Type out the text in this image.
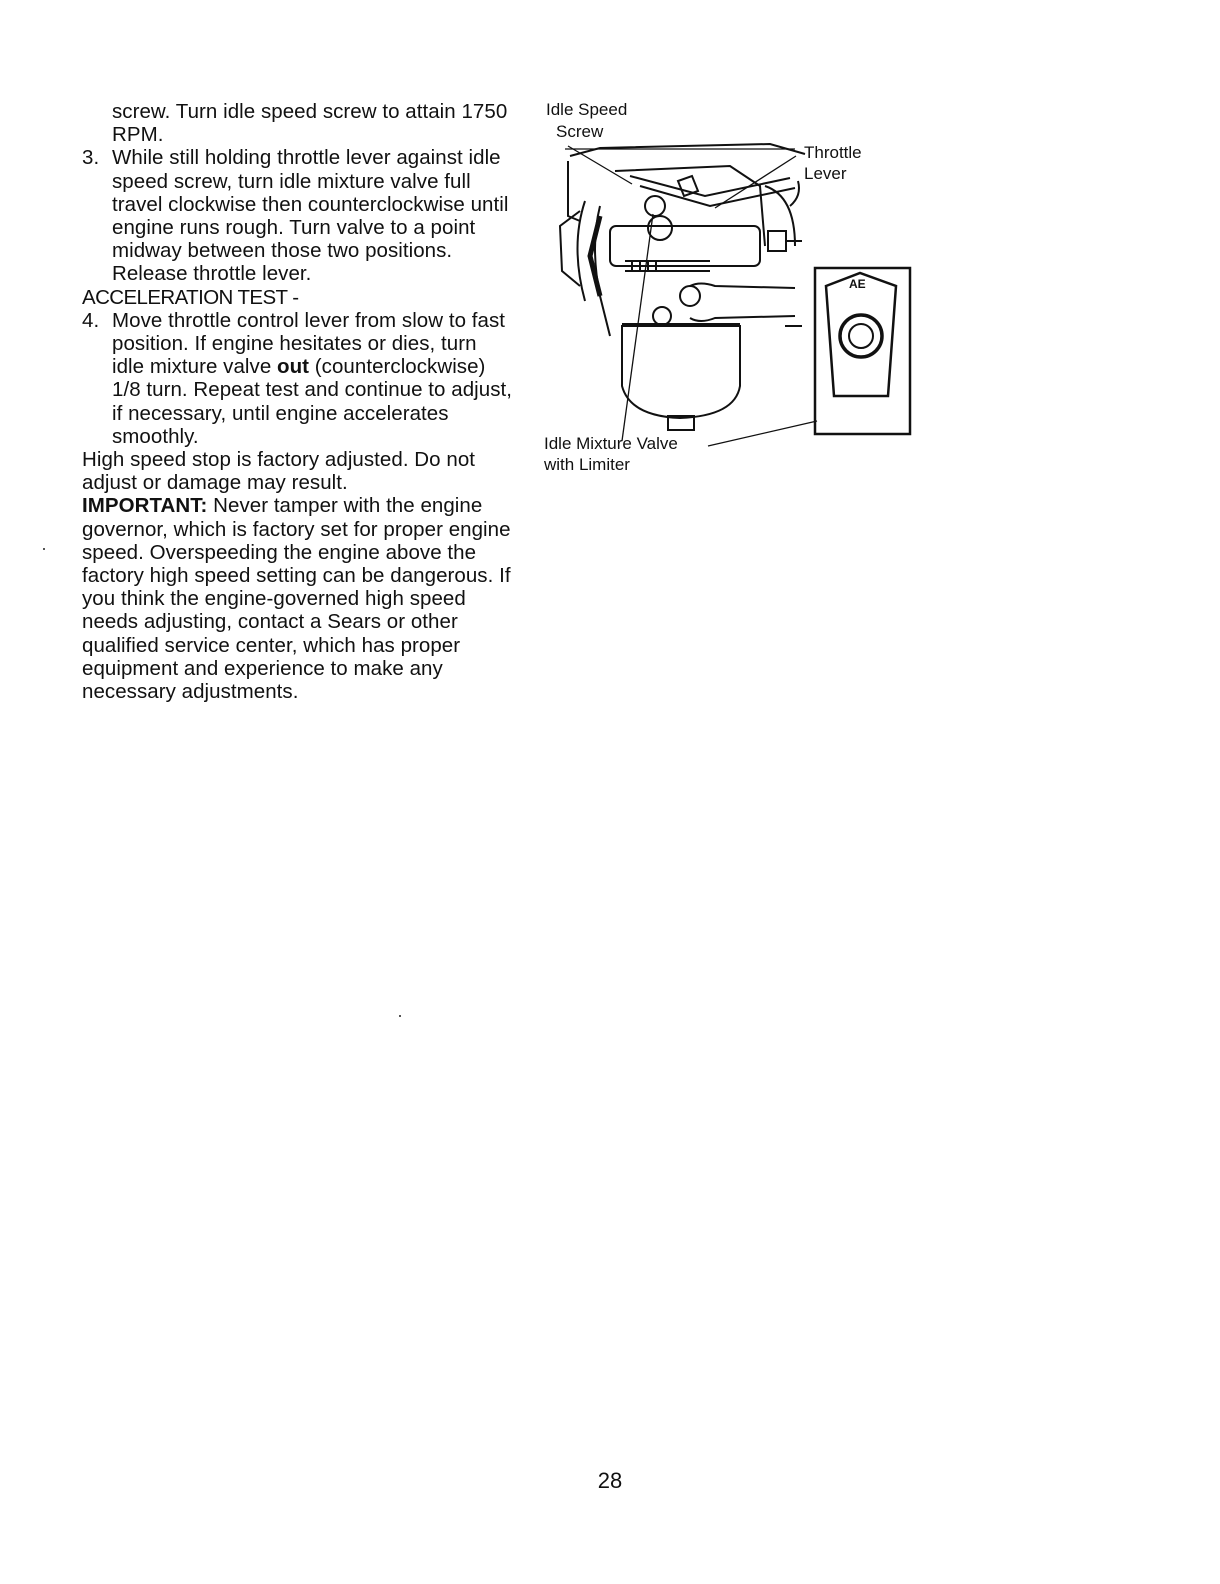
screw. Turn idle speed screw to attain 1750 RPM.

3. While still holding throttle lever against idle speed screw, turn idle mixture valve full travel clockwise then counterclockwise until engine runs rough. Turn valve to a point midway between those two positions. Release throttle lever.

ACCELERATION TEST -

4. Move throttle control lever from slow to fast position. If engine hesitates or dies, turn idle mixture valve out (counterclockwise) 1/8 turn. Repeat test and continue to adjust, if necessary, until engine accelerates smoothly.

High speed stop is factory adjusted. Do not adjust or damage may result.

IMPORTANT: Never tamper with the engine governor, which is factory set for proper engine speed. Overspeeding the engine above the factory high speed setting can be dangerous. If you think the engine-governed high speed needs adjusting, contact a Sears or other qualified service center, which has proper equipment and experience to make any necessary adjustments.

Idle Speed
Screw
Throttle
Lever
Idle Mixture Valve
with Limiter
AE
28
